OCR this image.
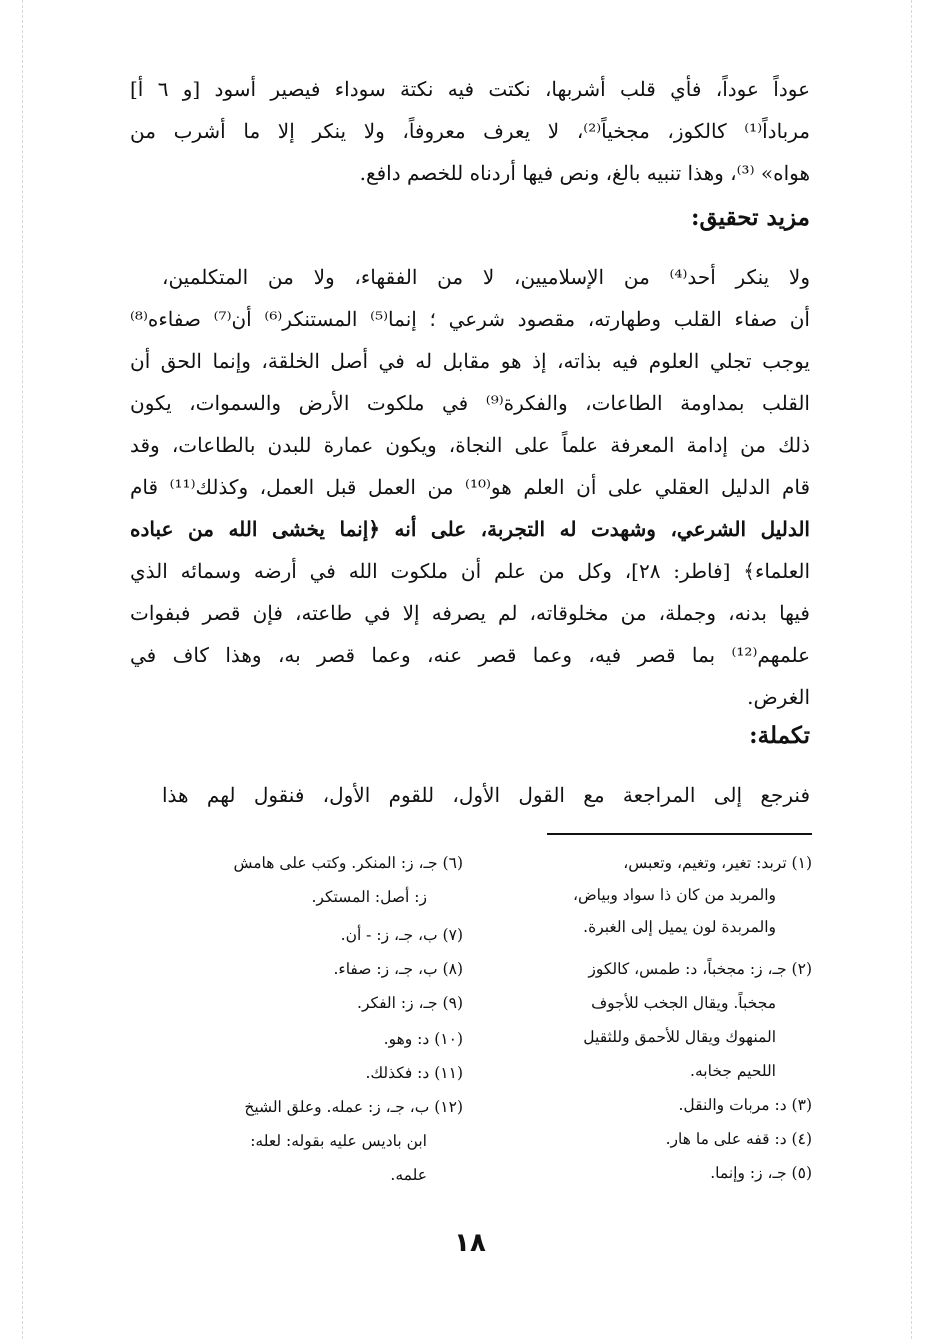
عوداً عوداً، فأي قلب أشربها، نكتت فيه نكتة سوداء فيصير أسود [و ٦ أ]
مرباداً⁽¹⁾ كالكوز، مجخياً⁽²⁾، لا يعرف معروفاً، ولا ينكر إلا ما أشرب من
هواه» ⁽³⁾، وهذا تنبيه بالغ، ونص فيها أردناه للخصم دافع.
مزيد تحقيق:
ولا ينكر أحد⁽⁴⁾ من الإسلاميين، لا من الفقهاء، ولا من المتكلمين،
أن صفاء القلب وطهارته، مقصود شرعي ؛ إنما⁽⁵⁾ المستنكر⁽⁶⁾ أن⁽⁷⁾ صفاءه⁽⁸⁾
يوجب تجلي العلوم فيه بذاته، إذ هو مقابل له في أصل الخلقة، وإنما الحق أن
القلب بمداومة الطاعات، والفكرة⁽⁹⁾ في ملكوت الأرض والسموات، يكون
ذلك من إدامة المعرفة علماً على النجاة، ويكون عمارة للبدن بالطاعات، وقد
قام الدليل العقلي على أن العلم هو⁽¹⁰⁾ من العمل قبل العمل، وكذلك⁽¹¹⁾ قام
الدليل الشرعي، وشهدت له التجربة، على أنه ﴿إنما يخشى الله من عباده
العلماء﴾ [فاطر: ٢٨]، وكل من علم أن ملكوت الله في أرضه وسمائه الذي
فيها بدنه، وجملة، من مخلوقاته، لم يصرفه إلا في طاعته، فإن قصر فبفوات
علمهم⁽¹²⁾ بما قصر فيه، وعما قصر عنه، وعما قصر به، وهذا كاف في
الغرض.
تكملة:
فنرجع إلى المراجعة مع القول الأول، للقوم الأول، فنقول لهم هذا
(١) تربد: تغير، وتغيم، وتعبس،
والمربد من كان ذا سواد وبياض،
والمربدة لون يميل إلى الغبرة.
(٢) جـ، ز: مجخباً، د: طمس، كالكوز
مجخباً. ويقال الجخب للأجوف
المنهوك ويقال للأحمق وللثقيل
اللحيم جخابه.
(٣) د: مربات والنقل.
(٤) د: قفه على ما هار.
(٥) جـ، ز: وإنما.
(٦) جـ، ز: المنكر. وكتب على هامش
ز: أصل: المستكر.
(٧) ب، جـ، ز: - أن.
(٨) ب، جـ، ز: صفاء.
(٩) جـ، ز: الفكر.
(١٠) د: وهو.
(١١) د: فكذلك.
(١٢) ب، جـ، ز: عمله. وعلق الشيخ
ابن باديس عليه بقوله: لعله:
علمه.
١٨
